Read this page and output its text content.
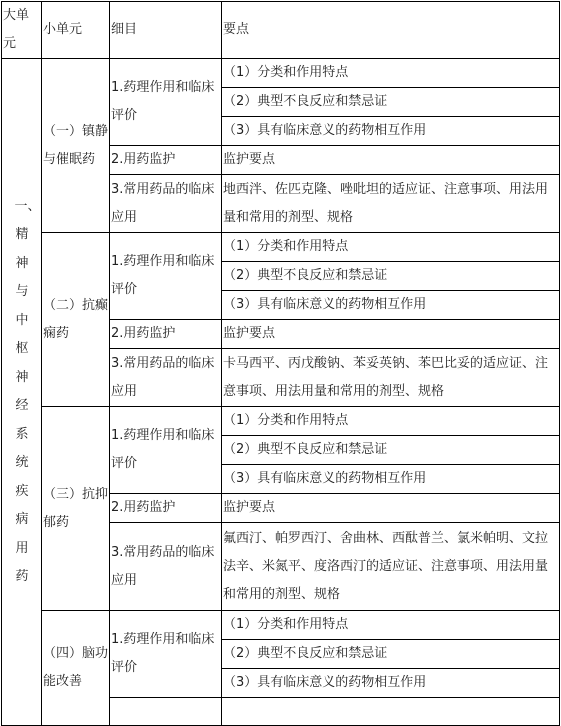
大单元	小单元	细目	要点

一、精神与中枢神经系统疾病用药	（一）镇静与催眠药	1.药理作用和临床评价	（1）分类和作用特点
			（2）典型不良反应和禁忌证
			（3）具有临床意义的药物相互作用
		2.用药监护	监护要点
		3.常用药品的临床应用	地西泮、佐匹克隆、唑吡坦的适应证、注意事项、用法用量和常用的剂型、规格
	（二）抗癫痫药	1.药理作用和临床评价	（1）分类和作用特点
			（2）典型不良反应和禁忌证
			（3）具有临床意义的药物相互作用
		2.用药监护	监护要点
		3.常用药品的临床应用	卡马西平、丙戊酸钠、苯妥英钠、苯巴比妥的适应证、注意事项、用法用量和常用的剂型、规格
	（三）抗抑郁药	1.药理作用和临床评价	（1）分类和作用特点
			（2）典型不良反应和禁忌证
			（3）具有临床意义的药物相互作用
		2.用药监护	监护要点
		3.常用药品的临床应用	氟西汀、帕罗西汀、舍曲林、西酞普兰、氯米帕明、文拉法辛、米氮平、度洛西汀的适应证、注意事项、用法用量和常用的剂型、规格
	（四）脑功能改善	1.药理作用和临床评价	（1）分类和作用特点
			（2）典型不良反应和禁忌证
			（3）具有临床意义的药物相互作用
